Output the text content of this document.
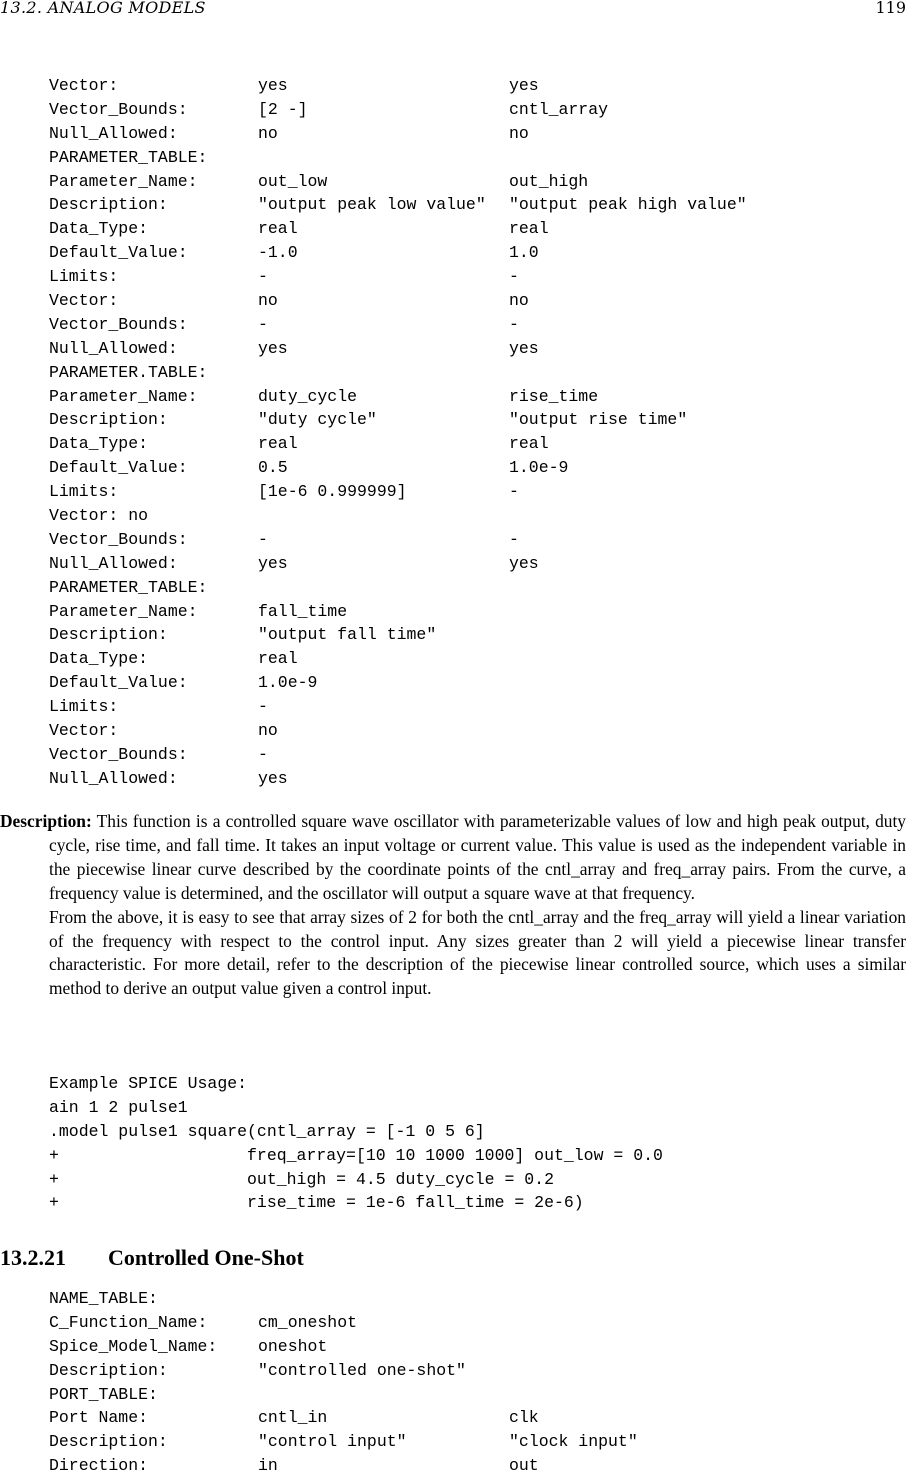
13.2. ANALOG MODELS	119
Vector:	yes	yes
Vector_Bounds:	[2 -]	cntl_array
Null_Allowed:	no	no
PARAMETER_TABLE:
Parameter_Name:	out_low	out_high
Description:	"output peak low value" "output peak high value"
Data_Type:	real	real
Default_Value:	-1.0	1.0
Limits:	-	-
Vector:	no	no
Vector_Bounds:	-	-
Null_Allowed:	yes	yes
PARAMETER.TABLE:
Parameter_Name:	duty_cycle	rise_time
Description:	"duty cycle"	"output rise time"
Data_Type:	real	real
Default_Value:	0.5	1.0e-9
Limits:	[1e-6 0.999999]	-
Vector: no
Vector_Bounds:	-	-
Null_Allowed:	yes	yes
PARAMETER_TABLE:
Parameter_Name:	fall_time
Description:	"output fall time"
Data_Type:	real
Default_Value:	1.0e-9
Limits:	-
Vector:	no
Vector_Bounds:	-
Null_Allowed:	yes

Description: This function is a controlled square wave oscillator with parameterizable values of low and high peak output, duty cycle, rise time, and fall time. It takes an input voltage or current value. This value is used as the independent variable in the piecewise linear curve described by the coordinate points of the cntl_array and freq_array pairs. From the curve, a frequency value is determined, and the oscillator will output a square wave at that frequency.

From the above, it is easy to see that array sizes of 2 for both the cntl_array and the freq_array will yield a linear variation of the frequency with respect to the control input. Any sizes greater than 2 will yield a piecewise linear transfer characteristic. For more detail, refer to the description of the piecewise linear controlled source, which uses a similar method to derive an output value given a control input.

Example SPICE Usage:
ain 1 2 pulse1
.model pulse1 square(cntl_array = [-1 0 5 6]
+                   freq_array=[10 10 1000 1000] out_low = 0.0
+                   out_high = 4.5 duty_cycle = 0.2
+                   rise_time = 1e-6 fall_time = 2e-6)
13.2.21 Controlled One-Shot
NAME_TABLE:
C_Function_Name:	cm_oneshot
Spice_Model_Name: oneshot
Description:	"controlled one-shot"
PORT_TABLE:
Port Name:	cntl_in	clk
Description:	"control input"	"clock input"
Direction:	in	out
